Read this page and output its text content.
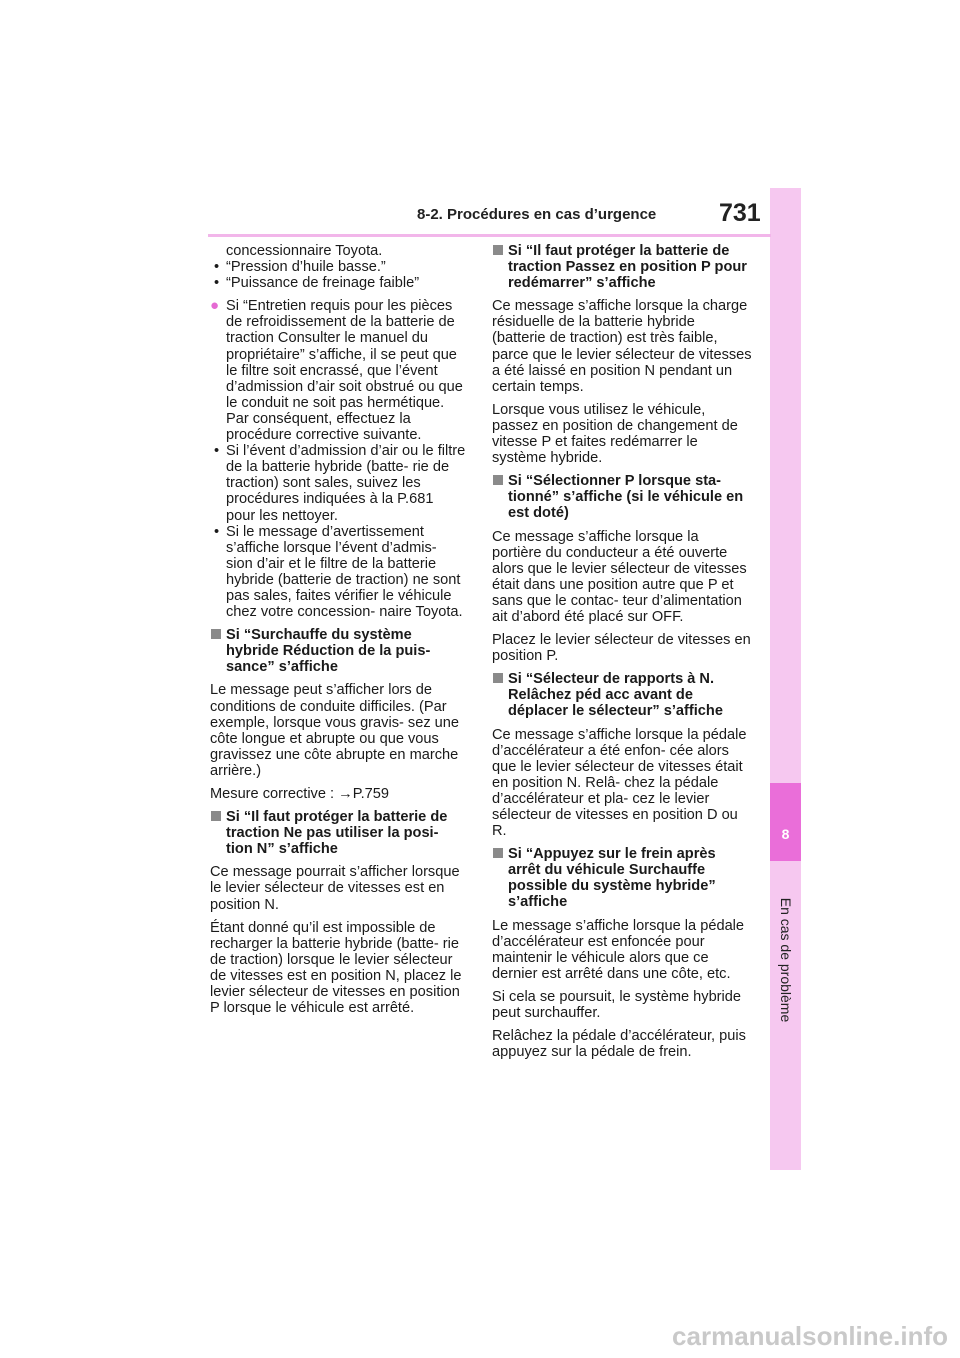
8
En cas de problème
8-2. Procédures en cas d’urgence	731

concessionnaire Toyota.

• “Pression d’huile basse.”

• “Puissance de freinage faible”

● Si “Entretien requis pour les pièces de refroidissement de la batterie de traction Consulter le manuel du propriétaire” s’affiche, il se peut que le filtre soit encrassé, que l’évent d’admission d’air soit obstrué ou que le conduit ne soit pas hermétique. Par conséquent, effectuez la procédure corrective suivante.

• Si l’évent d’admission d’air ou le filtre de la batterie hybride (batte- rie de traction) sont sales, suivez les procédures indiquées à la P.681 pour les nettoyer.

• Si le message d’avertissement s’affiche lorsque l’évent d’admis- sion d’air et le filtre de la batterie hybride (batterie de traction) ne sont pas sales, faites vérifier le véhicule chez votre concession- naire Toyota.

Si “Surchauffe du système hybride Réduction de la puis- sance” s’affiche

Le message peut s’afficher lors de conditions de conduite difficiles. (Par exemple, lorsque vous gravis- sez une côte longue et abrupte ou que vous gravissez une côte abrupte en marche arrière.)

Mesure corrective : →P.759

Si “Il faut protéger la batterie de traction Ne pas utiliser la posi- tion N” s’affiche

Ce message pourrait s’afficher lorsque le levier sélecteur de vitesses est en position N.

Étant donné qu’il est impossible de recharger la batterie hybride (batte- rie de traction) lorsque le levier sélecteur de vitesses est en position N, placez le levier sélecteur de vitesses en position P lorsque le véhicule est arrêté.

Si “Il faut protéger la batterie de traction Passez en position P pour redémarrer” s’affiche

Ce message s’affiche lorsque la charge résiduelle de la batterie hybride (batterie de traction) est très faible, parce que le levier sélecteur de vitesses a été laissé en position N pendant un certain temps.

Lorsque vous utilisez le véhicule, passez en position de changement de vitesse P et faites redémarrer le système hybride.

Si “Sélectionner P lorsque sta- tionné” s’affiche (si le véhicule en est doté)

Ce message s’affiche lorsque la portière du conducteur a été ouverte alors que le levier sélecteur de vitesses était dans une position autre que P et sans que le contac- teur d’alimentation ait d’abord été placé sur OFF.

Placez le levier sélecteur de vitesses en position P.

Si “Sélecteur de rapports à N. Relâchez péd acc avant de déplacer le sélecteur” s’affiche

Ce message s’affiche lorsque la pédale d’accélérateur a été enfon- cée alors que le levier sélecteur de vitesses était en position N. Relâ- chez la pédale d’accélérateur et pla- cez le levier sélecteur de vitesses en position D ou R.

Si “Appuyez sur le frein après arrêt du véhicule Surchauffe possible du système hybride” s’affiche

Le message s’affiche lorsque la pédale d’accélérateur est enfoncée pour maintenir le véhicule alors que ce dernier est arrêté dans une côte, etc.

Si cela se poursuit, le système hybride peut surchauffer.

Relâchez la pédale d’accélérateur, puis appuyez sur la pédale de frein.

carmanualsonline.info
